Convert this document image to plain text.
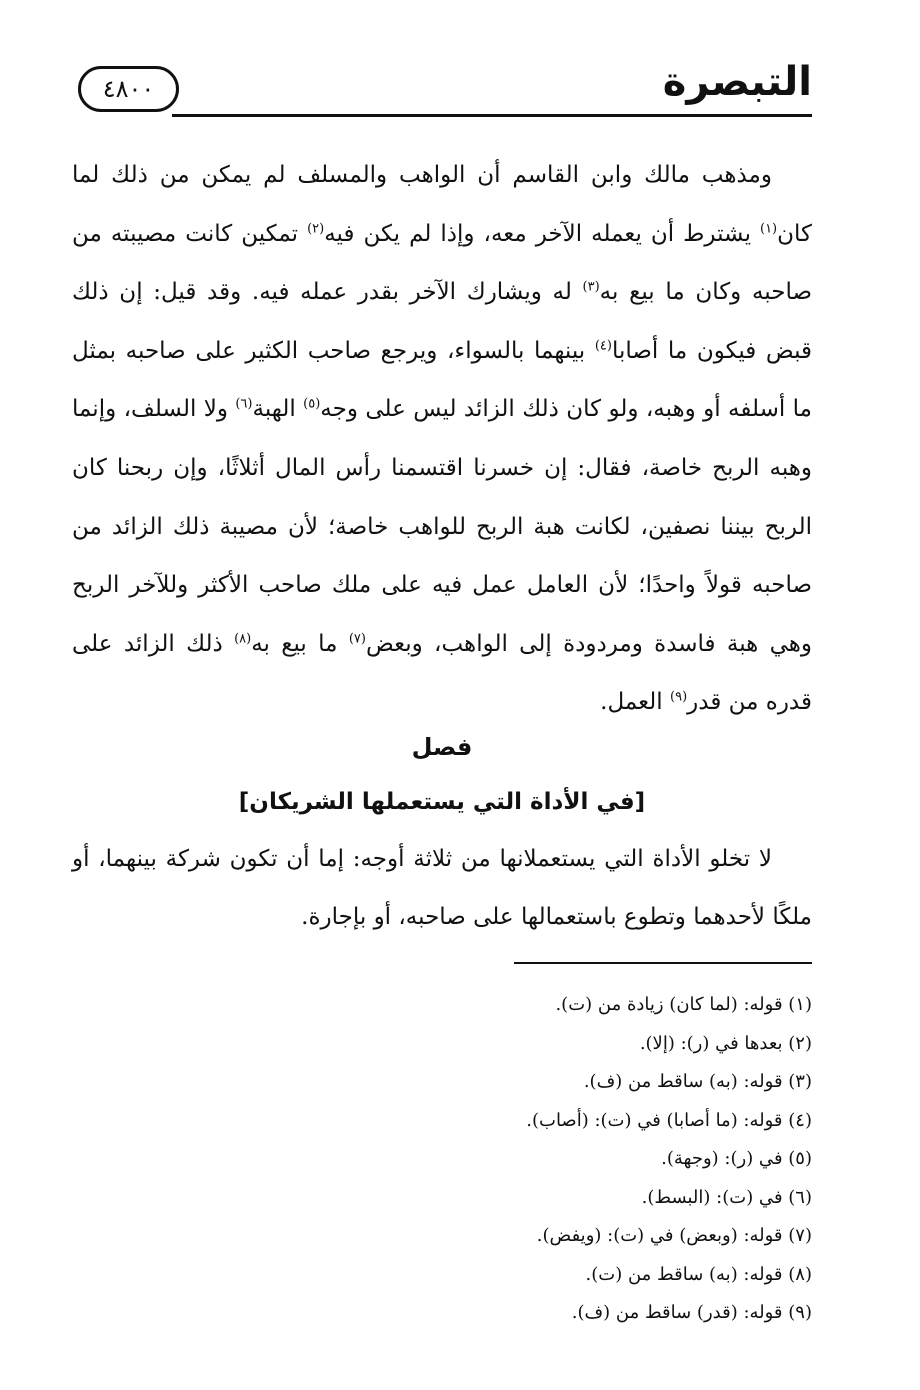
التبصرة
٤٨٠٠

ومذهب مالك وابن القاسم أن الواهب والمسلف لم يمكن من ذلك لما كان$^{(١)}$ يشترط أن يعمله الآخر معه، وإذا لم يكن فيه$^{(٢)}$ تمكين كانت مصيبته من صاحبه وكان ما بيع به$^{(٣)}$ له ويشارك الآخر بقدر عمله فيه. وقد قيل: إن ذلك قبض فيكون ما أصابا$^{(٤)}$ بينهما بالسواء، ويرجع صاحب الكثير على صاحبه بمثل ما أسلفه أو وهبه، ولو كان ذلك الزائد ليس على وجه$^{(٥)}$ الهبة$^{(٦)}$ ولا السلف، وإنما وهبه الربح خاصة، فقال: إن خسرنا اقتسمنا رأس المال أثلاثًا، وإن ربحنا كان الربح بيننا نصفين، لكانت هبة الربح للواهب خاصة؛ لأن مصيبة ذلك الزائد من صاحبه قولاً واحدًا؛ لأن العامل عمل فيه على ملك صاحب الأكثر وللآخر الربح وهي هبة فاسدة ومردودة إلى الواهب، وبعض$^{(٧)}$ ما بيع به$^{(٨)}$ ذلك الزائد على قدره من قدر$^{(٩)}$ العمل.

فصل
[في الأداة التي يستعملها الشريكان]

لا تخلو الأداة التي يستعملانها من ثلاثة أوجه: إما أن تكون شركة بينهما، أو ملكًا لأحدهما وتطوع باستعمالها على صاحبه، أو بإجارة.

(١) قوله: (لما كان) زيادة من (ت).
(٢) بعدها في (ر): (إلا).
(٣) قوله: (به) ساقط من (ف).
(٤) قوله: (ما أصابا) في (ت): (أصاب).
(٥) في (ر): (وجهة).
(٦) في (ت): (البسط).
(٧) قوله: (وبعض) في (ت): (ويفض).
(٨) قوله: (به) ساقط من (ت).
(٩) قوله: (قدر) ساقط من (ف).
